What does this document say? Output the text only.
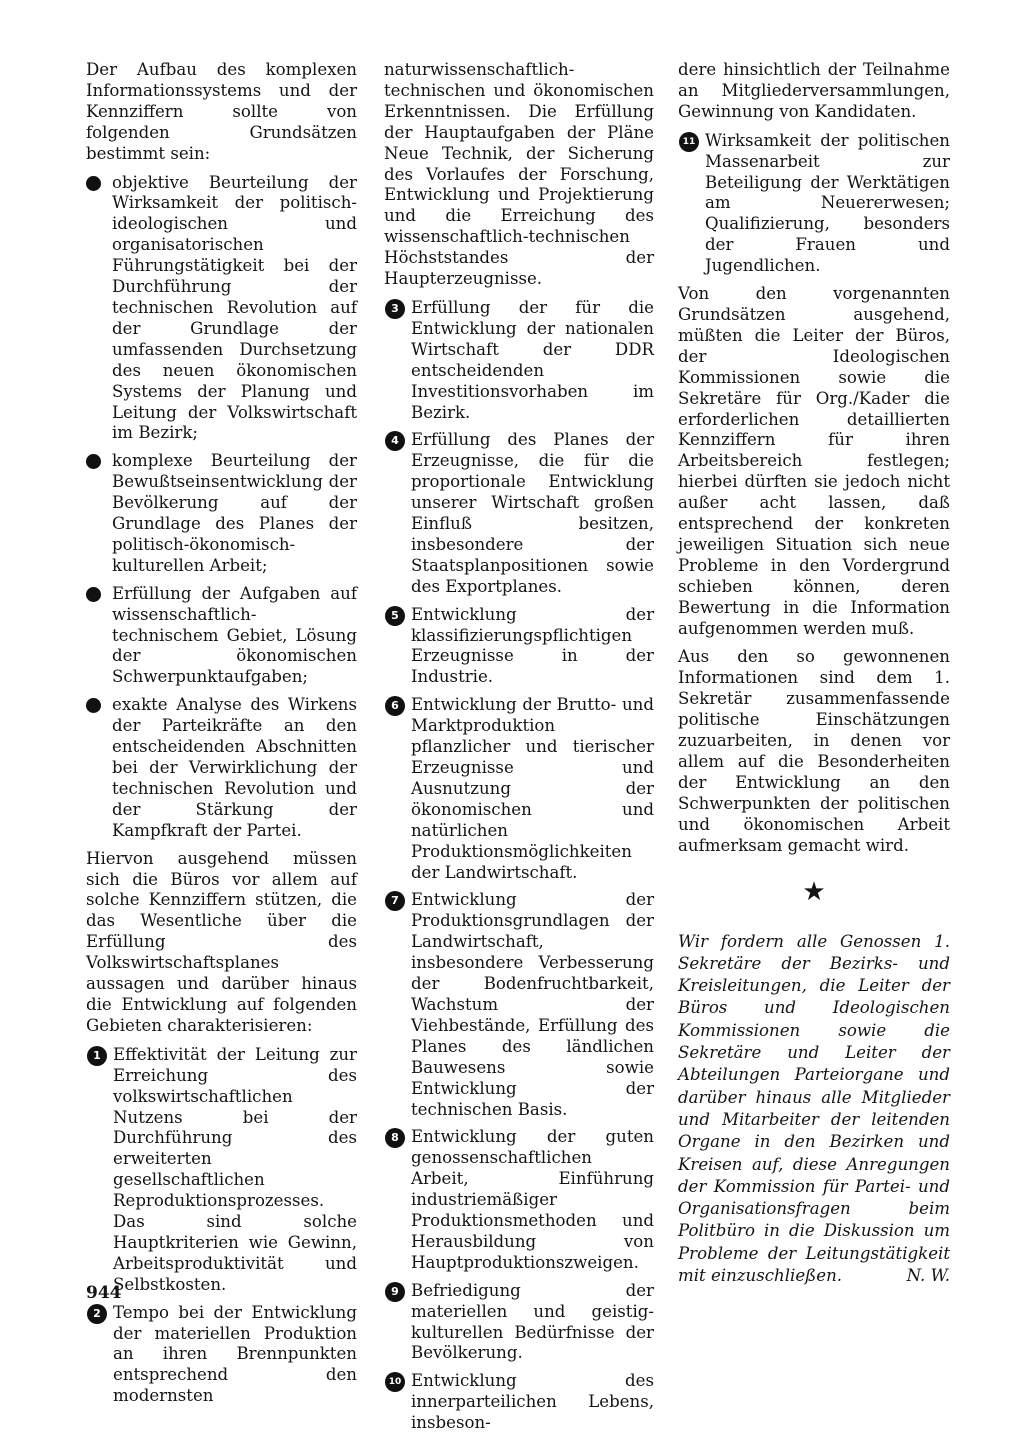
Der Aufbau des komplexen Informationssystems und der Kennziffern sollte von folgenden Grundsätzen bestimmt sein:

objektive Beurteilung der Wirksamkeit der politisch-ideologischen und organisatorischen Führungstätigkeit bei der Durchführung der technischen Revolution auf der Grundlage der umfassenden Durchsetzung des neuen ökonomischen Systems der Planung und Leitung der Volkswirtschaft im Bezirk;
komplexe Beurteilung der Bewußtseinsentwicklung der Bevölkerung auf der Grundlage des Planes der politisch-ökonomisch-kulturellen Arbeit;
Erfüllung der Aufgaben auf wissenschaftlich-technischem Gebiet, Lösung der ökonomischen Schwerpunktaufgaben;
exakte Analyse des Wirkens der Parteikräfte an den entscheidenden Abschnitten bei der Verwirklichung der technischen Revolution und der Stärkung der Kampfkraft der Partei.

Hiervon ausgehend müssen sich die Büros vor allem auf solche Kennziffern stützen, die das Wesentliche über die Erfüllung des Volkswirtschaftsplanes aussagen und darüber hinaus die Entwicklung auf folgenden Gebieten charakterisieren:

1 Effektivität der Leitung zur Erreichung des volkswirtschaftlichen Nutzens bei der Durchführung des erweiterten gesellschaftlichen Reproduktionsprozesses. Das sind solche Hauptkriterien wie Gewinn, Arbeitsproduktivität und Selbstkosten.
2 Tempo bei der Entwicklung der materiellen Produktion an ihren Brennpunkten entsprechend den modernsten

naturwissenschaftlich-technischen und ökonomischen Erkenntnissen. Die Erfüllung der Hauptaufgaben der Pläne Neue Technik, der Sicherung des Vorlaufes der Forschung, Entwicklung und Projektierung und die Erreichung des wissenschaftlich-technischen Höchststandes der Haupterzeugnisse.

3 Erfüllung der für die Entwicklung der nationalen Wirtschaft der DDR entscheidenden Investitionsvorhaben im Bezirk.
4 Erfüllung des Planes der Erzeugnisse, die für die proportionale Entwicklung unserer Wirtschaft großen Einfluß besitzen, insbesondere der Staatsplanpositionen sowie des Exportplanes.
5 Entwicklung der klassifizierungspflichtigen Erzeugnisse in der Industrie.
6 Entwicklung der Brutto- und Marktproduktion pflanzlicher und tierischer Erzeugnisse und Ausnutzung der ökonomischen und natürlichen Produktionsmöglichkeiten der Landwirtschaft.
7 Entwicklung der Produktionsgrundlagen der Landwirtschaft, insbesondere Verbesserung der Bodenfruchtbarkeit, Wachstum der Viehbestände, Erfüllung des Planes des ländlichen Bauwesens sowie Entwicklung der technischen Basis.
8 Entwicklung der guten genossenschaftlichen Arbeit, Einführung industriemäßiger Produktionsmethoden und Herausbildung von Hauptproduktionszweigen.
9 Befriedigung der materiellen und geistig-kulturellen Bedürfnisse der Bevölkerung.
10 Entwicklung des innerparteilichen Lebens, insbeson-

dere hinsichtlich der Teilnahme an Mitgliederversammlungen, Gewinnung von Kandidaten.

11 Wirksamkeit der politischen Massenarbeit zur Beteiligung der Werktätigen am Neuererwesen; Qualifizierung, besonders der Frauen und Jugendlichen.

Von den vorgenannten Grundsätzen ausgehend, müßten die Leiter der Büros, der Ideologischen Kommissionen sowie die Sekretäre für Org./Kader die erforderlichen detaillierten Kennziffern für ihren Arbeitsbereich festlegen; hierbei dürften sie jedoch nicht außer acht lassen, daß entsprechend der konkreten jeweiligen Situation sich neue Probleme in den Vordergrund schieben können, deren Bewertung in die Information aufgenommen werden muß.

Aus den so gewonnenen Informationen sind dem 1. Sekretär zusammenfassende politische Einschätzungen zuzuarbeiten, in denen vor allem auf die Besonderheiten der Entwicklung an den Schwerpunkten der politischen und ökonomischen Arbeit aufmerksam gemacht wird.

★
Wir fordern alle Genossen 1. Sekretäre der Bezirks- und Kreisleitungen, die Leiter der Büros und Ideologischen Kommissionen sowie die Sekretäre und Leiter der Abteilungen Parteiorgane und darüber hinaus alle Mitglieder und Mitarbeiter der leitenden Organe in den Bezirken und Kreisen auf, diese Anregungen der Kommission für Partei- und Organisationsfragen beim Politbüro in die Diskussion um Probleme der Leitungstätigkeit mit einzuschließen.	N. W.
944
